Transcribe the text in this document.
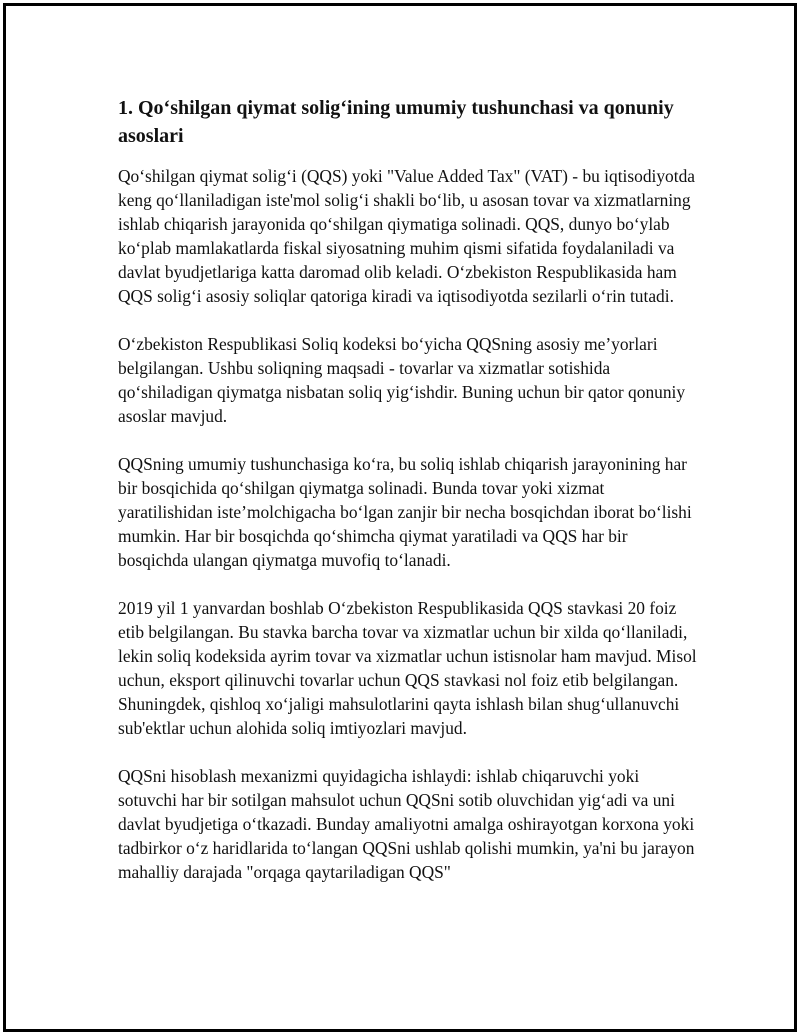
1. Qo‘shilgan qiymat solig‘ining umumiy tushunchasi va qonuniy asoslari

Qo‘shilgan qiymat solig‘i (QQS) yoki "Value Added Tax" (VAT) - bu iqtisodiyotda keng qo‘llaniladigan iste'mol solig‘i shakli bo‘lib, u asosan tovar va xizmatlarning ishlab chiqarish jarayonida qo‘shilgan qiymatiga solinadi. QQS, dunyo bo‘ylab ko‘plab mamlakatlarda fiskal siyosatning muhim qismi sifatida foydalaniladi va davlat byudjetlariga katta daromad olib keladi. O‘zbekiston Respublikasida ham QQS solig‘i asosiy soliqlar qatoriga kiradi va iqtisodiyotda sezilarli o‘rin tutadi.

O‘zbekiston Respublikasi Soliq kodeksi bo‘yicha QQSning asosiy me’yorlari belgilangan. Ushbu soliqning maqsadi - tovarlar va xizmatlar sotishida qo‘shiladigan qiymatga nisbatan soliq yig‘ishdir. Buning uchun bir qator qonuniy asoslar mavjud.

QQSning umumiy tushunchasiga ko‘ra, bu soliq ishlab chiqarish jarayonining har bir bosqichida qo‘shilgan qiymatga solinadi. Bunda tovar yoki xizmat yaratilishidan iste’molchigacha bo‘lgan zanjir bir necha bosqichdan iborat bo‘lishi mumkin. Har bir bosqichda qo‘shimcha qiymat yaratiladi va QQS har bir bosqichda ulangan qiymatga muvofiq to‘lanadi.

2019 yil 1 yanvardan boshlab O‘zbekiston Respublikasida QQS stavkasi 20 foiz etib belgilangan. Bu stavka barcha tovar va xizmatlar uchun bir xilda qo‘llaniladi, lekin soliq kodeksida ayrim tovar va xizmatlar uchun istisnolar ham mavjud. Misol uchun, eksport qilinuvchi tovarlar uchun QQS stavkasi nol foiz etib belgilangan. Shuningdek, qishloq xo‘jaligi mahsulotlarini qayta ishlash bilan shug‘ullanuvchi sub'ektlar uchun alohida soliq imtiyozlari mavjud.

QQSni hisoblash mexanizmi quyidagicha ishlaydi: ishlab chiqaruvchi yoki sotuvchi har bir sotilgan mahsulot uchun QQSni sotib oluvchidan yig‘adi va uni davlat byudjetiga o‘tkazadi. Bunday amaliyotni amalga oshirayotgan korxona yoki tadbirkor o‘z haridlarida to‘langan QQSni ushlab qolishi mumkin, ya'ni bu jarayon mahalliy darajada "orqaga qaytariladigan QQS"
